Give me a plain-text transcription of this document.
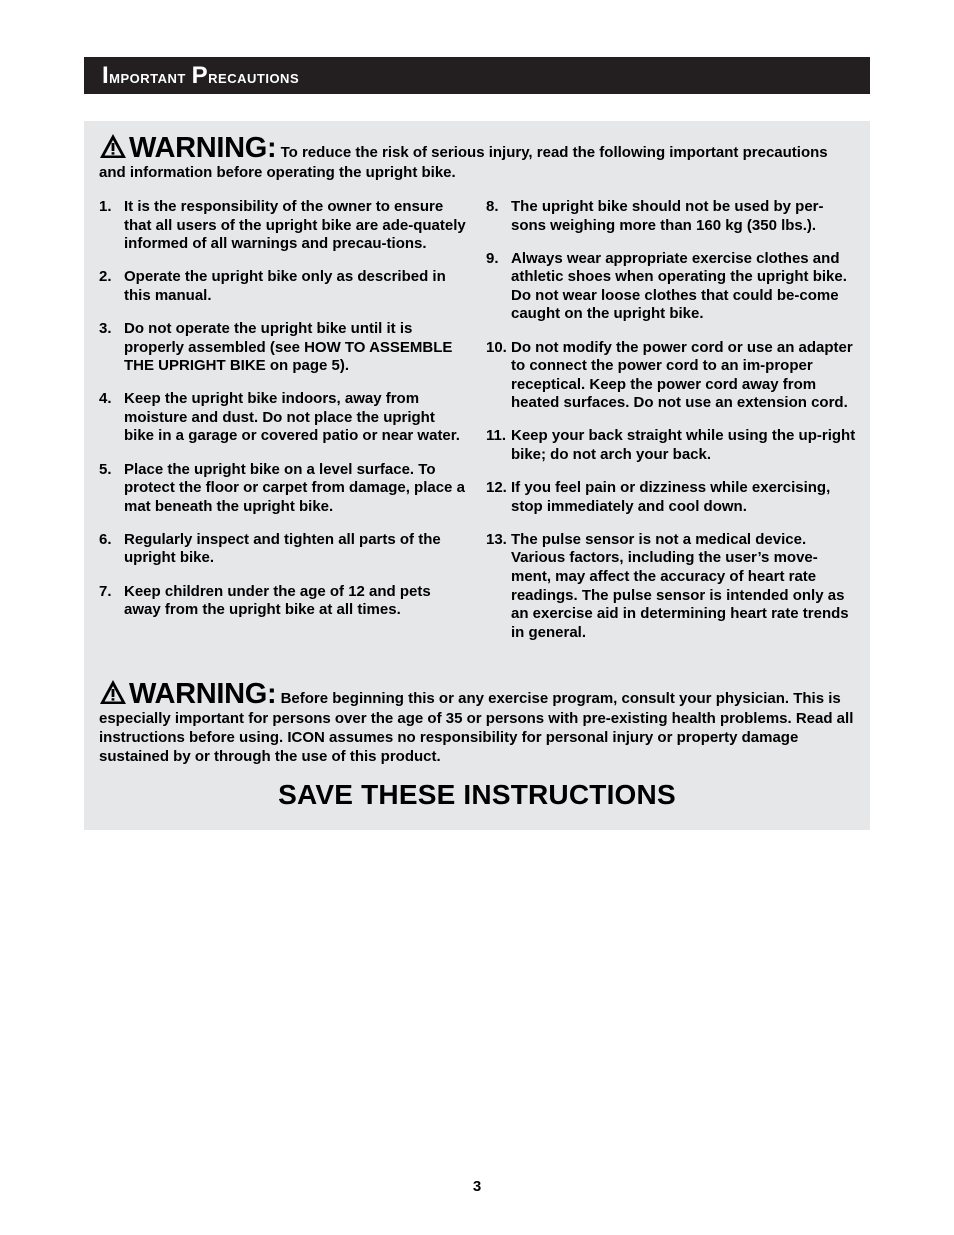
Important Precautions
WARNING: To reduce the risk of serious injury, read the following important precautions and information before operating the upright bike.
1. It is the responsibility of the owner to ensure that all users of the upright bike are ade-quately informed of all warnings and precau-tions.
2. Operate the upright bike only as described in this manual.
3. Do not operate the upright bike until it is properly assembled (see HOW TO ASSEMBLE THE UPRIGHT BIKE on page 5).
4. Keep the upright bike indoors, away from moisture and dust. Do not place the upright bike in a garage or covered patio or near water.
5. Place the upright bike on a level surface. To protect the floor or carpet from damage, place a mat beneath the upright bike.
6. Regularly inspect and tighten all parts of the upright bike.
7. Keep children under the age of 12 and pets away from the upright bike at all times.
8. The upright bike should not be used by per-sons weighing more than 160 kg (350 lbs.).
9. Always wear appropriate exercise clothes and athletic shoes when operating the upright bike. Do not wear loose clothes that could be-come caught on the upright bike.
10. Do not modify the power cord or use an adapter to connect the power cord to an im-proper receptical. Keep the power cord away from heated surfaces. Do not use an extension cord.
11. Keep your back straight while using the up-right bike; do not arch your back.
12. If you feel pain or dizziness while exercising, stop immediately and cool down.
13. The pulse sensor is not a medical device. Various factors, including the user’s move-ment, may affect the accuracy of heart rate readings. The pulse sensor is intended only as an exercise aid in determining heart rate trends in general.
WARNING: Before beginning this or any exercise program, consult your physician. This is especially important for persons over the age of 35 or persons with pre-existing health problems. Read all instructions before using. ICON assumes no responsibility for personal injury or property damage sustained by or through the use of this product.
SAVE THESE INSTRUCTIONS
3
